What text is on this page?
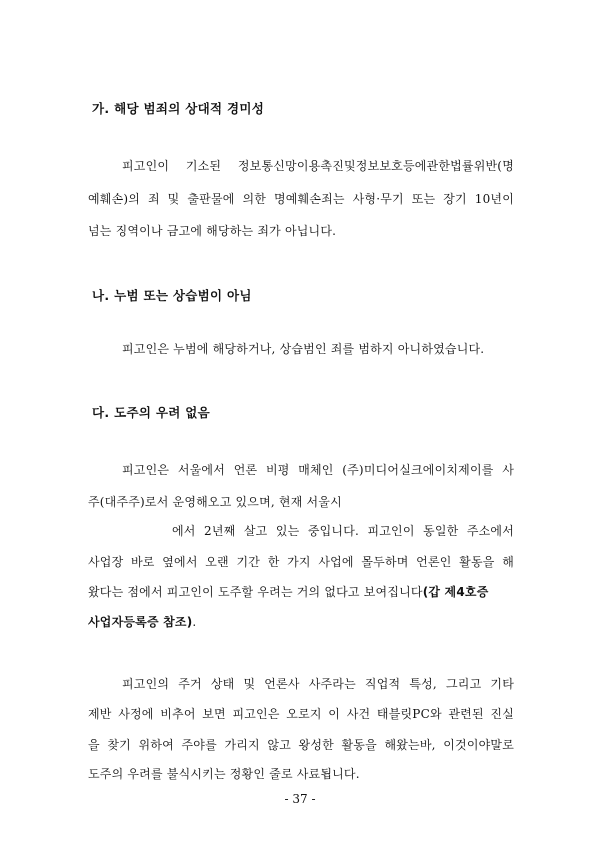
가. 해당 범죄의 상대적 경미성
피고인이 기소된 정보통신망이용촉진및정보보호등에관한법률위반(명
예훼손)의 죄 및 출판물에 의한 명예훼손죄는 사형·무기 또는 장기 10년이
넘는 징역이나 금고에 해당하는 죄가 아닙니다.
나. 누범 또는 상습범이 아님
피고인은 누범에 해당하거나, 상습범인 죄를 범하지 아니하였습니다.
다. 도주의 우려 없음
피고인은 서울에서 언론 비평 매체인 (주)미디어실크에이치제이를 사
주(대주주)로서 운영해오고 있으며, 현재 서울시
에서 2년째 살고 있는 중입니다. 피고인이 동일한 주소에서
사업장 바로 옆에서 오랜 기간 한 가지 사업에 몰두하며 언론인 활동을 해
왔다는 점에서 피고인이 도주할 우려는 거의 없다고 보여집니다(갑 제4호증
사업자등록증 참조).
피고인의 주거 상태 및 언론사 사주라는 직업적 특성, 그리고 기타
제반 사정에 비추어 보면 피고인은 오로지 이 사건 태블릿PC와 관련된 진실
을 찾기 위하여 주야를 가리지 않고 왕성한 활동을 해왔는바, 이것이야말로
도주의 우려를 불식시키는 정황인 줄로 사료됩니다.
- 37 -
